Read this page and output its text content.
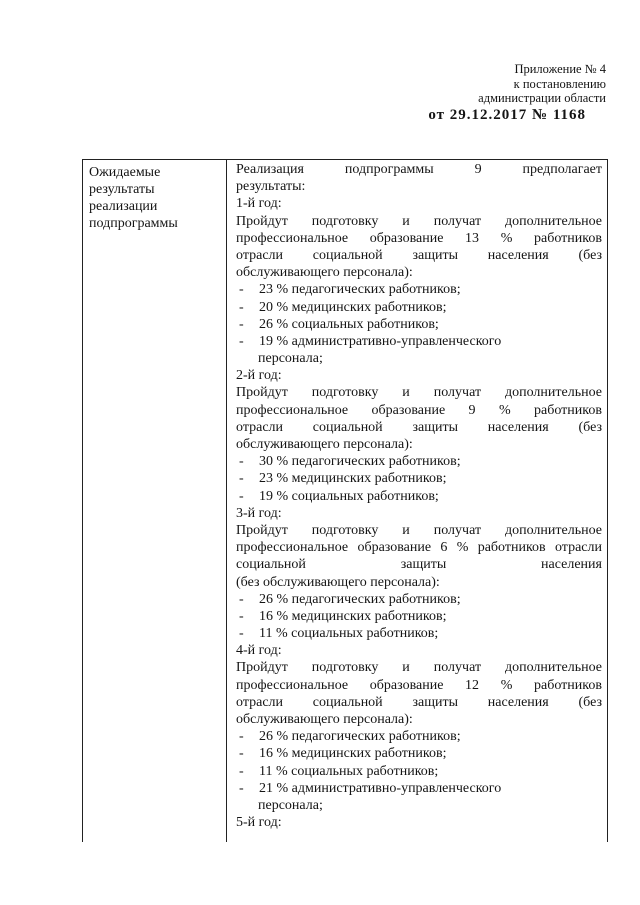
Приложение № 4
к постановлению
администрации области
от 29.12.2017 № 1168
Ожидаемые
результаты
реализации
подпрограммы
Реализация подпрограммы 9 предполагает
результаты:
1-й год:
Пройдут подготовку и получат дополнительное
профессиональное образование 13 % работников
отрасли социальной защиты населения (без
обслуживающего персонала):
- 23 % педагогических работников;
- 20 % медицинских работников;
- 26 % социальных работников;
- 19 % административно-управленческого
персонала;
2-й год:
Пройдут подготовку и получат дополнительное
профессиональное образование 9 % работников
отрасли социальной защиты населения (без
обслуживающего персонала):
- 30 % педагогических работников;
- 23 % медицинских работников;
- 19 % социальных работников;
3-й год:
Пройдут подготовку и получат дополнительное
профессиональное образование 6 % работников отрасли
социальной защиты населения
(без обслуживающего персонала):
- 26 % педагогических работников;
- 16 % медицинских работников;
- 11 % социальных работников;
4-й год:
Пройдут подготовку и получат дополнительное
профессиональное образование 12 % работников
отрасли социальной защиты населения (без
обслуживающего персонала):
- 26 % педагогических работников;
- 16 % медицинских работников;
- 11 % социальных работников;
- 21 % административно-управленческого
персонала;
5-й год:
